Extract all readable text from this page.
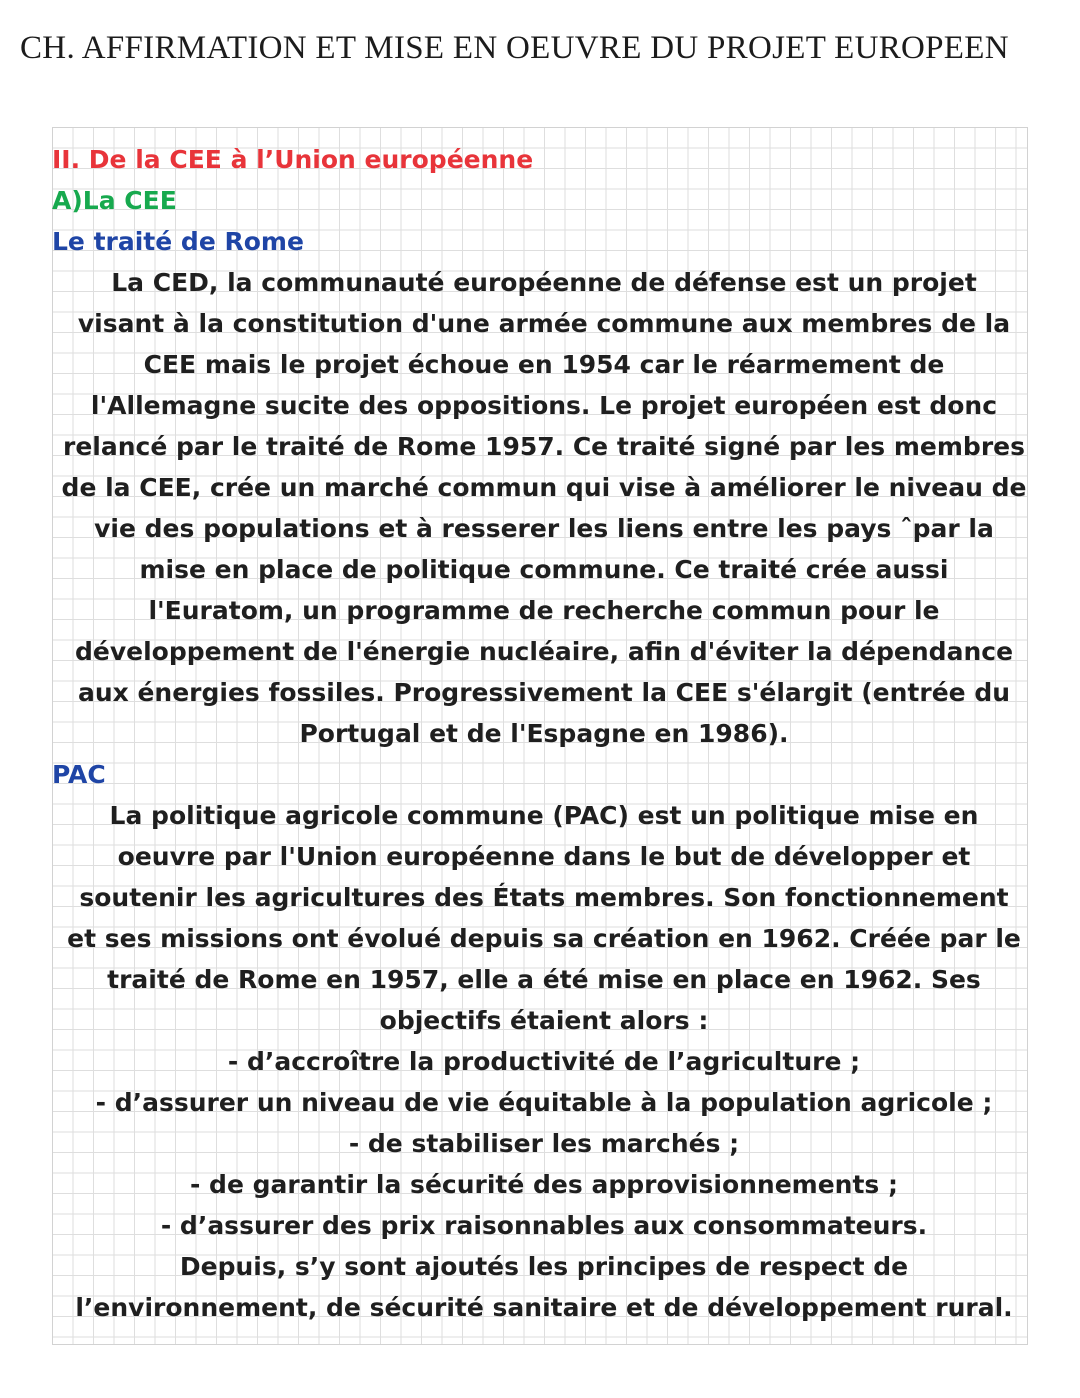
CH. AFFIRMATION ET MISE EN OEUVRE DU PROJET EUROPEEN

II. De la CEE à l’Union européenne

A)La CEE

Le traité de Rome

La CED, la communauté européenne de défense est un projet
visant à la constitution d'une armée commune aux membres de la
CEE mais le projet échoue en 1954 car le réarmement de
l'Allemagne sucite des oppositions. Le projet européen est donc
relancé par le traité de Rome 1957. Ce traité signé par les membres
de la CEE, crée un marché commun qui vise à améliorer le niveau de
vie des populations et à resserer les liens entre les pays ˆpar la
mise en place de politique commune. Ce traité crée aussi
l'Euratom, un programme de recherche commun pour le
développement de l'énergie nucléaire, afin d'éviter la dépendance
aux énergies fossiles. Progressivement la CEE s'élargit (entrée du
Portugal et de l'Espagne en 1986).

PAC

La politique agricole commune (PAC) est un politique mise en
oeuvre par l'Union européenne dans le but de développer et
soutenir les agricultures des États membres. Son fonctionnement
et ses missions ont évolué depuis sa création en 1962. Créée par le
traité de Rome en 1957, elle a été mise en place en 1962. Ses
objectifs étaient alors :
- d’accroître la productivité de l’agriculture ;
- d’assurer un niveau de vie équitable à la population agricole ;
- de stabiliser les marchés ;
- de garantir la sécurité des approvisionnements ;
- d’assurer des prix raisonnables aux consommateurs.
Depuis, s’y sont ajoutés les principes de respect de
l’environnement, de sécurité sanitaire et de développement rural.
